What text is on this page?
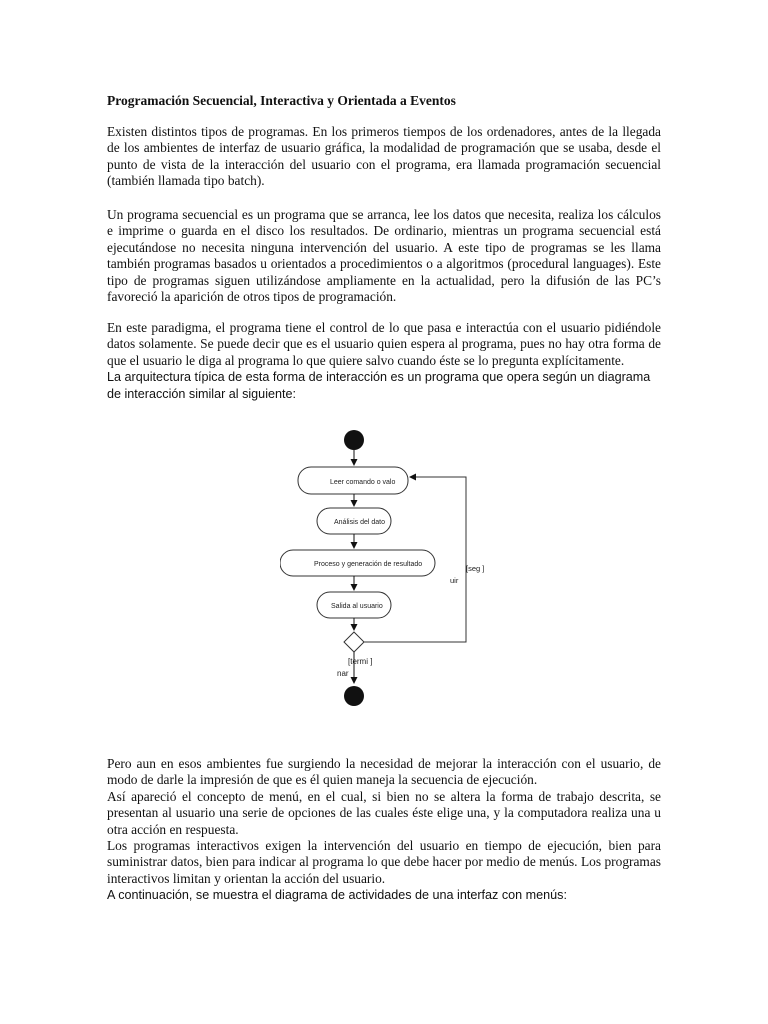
Programación Secuencial, Interactiva y Orientada a Eventos

Existen distintos tipos de programas. En los primeros tiempos de los ordenadores, antes de la llegada de los ambientes de interfaz de usuario gráfica, la modalidad de programación que se usaba, desde el punto de vista de la interacción del usuario con el programa, era llamada programación secuencial (también llamada tipo batch).

Un programa secuencial es un programa que se arranca, lee los datos que necesita, realiza los cálculos e imprime o guarda en el disco los resultados. De ordinario, mientras un programa secuencial está ejecutándose no necesita ninguna intervención del usuario. A este tipo de programas se les llama también programas basados u orientados a procedimientos o a algoritmos (procedural languages). Este tipo de programas siguen utilizándose ampliamente en la actualidad, pero la difusión de las PC’s favoreció la aparición de otros tipos de programación.

En este paradigma, el programa tiene el control de lo que pasa e interactúa con el usuario pidiéndole datos solamente. Se puede decir que es el usuario quien espera al programa, pues no hay otra forma de que el usuario le diga al programa lo que quiere salvo cuando éste se lo pregunta explícitamente.

La arquitectura típica de esta forma de interacción es un programa que opera según un diagrama de interacción similar al siguiente:

Leer comando o valo
Análisis del dato
Proceso y generación de resultado
Salida al usuario
[seg ]
uir
[termi ]
nar

Pero aun en esos ambientes fue surgiendo la necesidad de mejorar la interacción con el usuario, de modo de darle la impresión de que es él quien maneja la secuencia de ejecución.

Así apareció el concepto de menú, en el cual, si bien no se altera la forma de trabajo descrita, se presentan al usuario una serie de opciones de las cuales éste elige una, y la computadora realiza una u otra acción en respuesta.

Los programas interactivos exigen la intervención del usuario en tiempo de ejecución, bien para suministrar datos, bien para indicar al programa lo que debe hacer por medio de menús. Los programas interactivos limitan y orientan la acción del usuario.

A continuación, se muestra el diagrama de actividades de una interfaz con menús:
